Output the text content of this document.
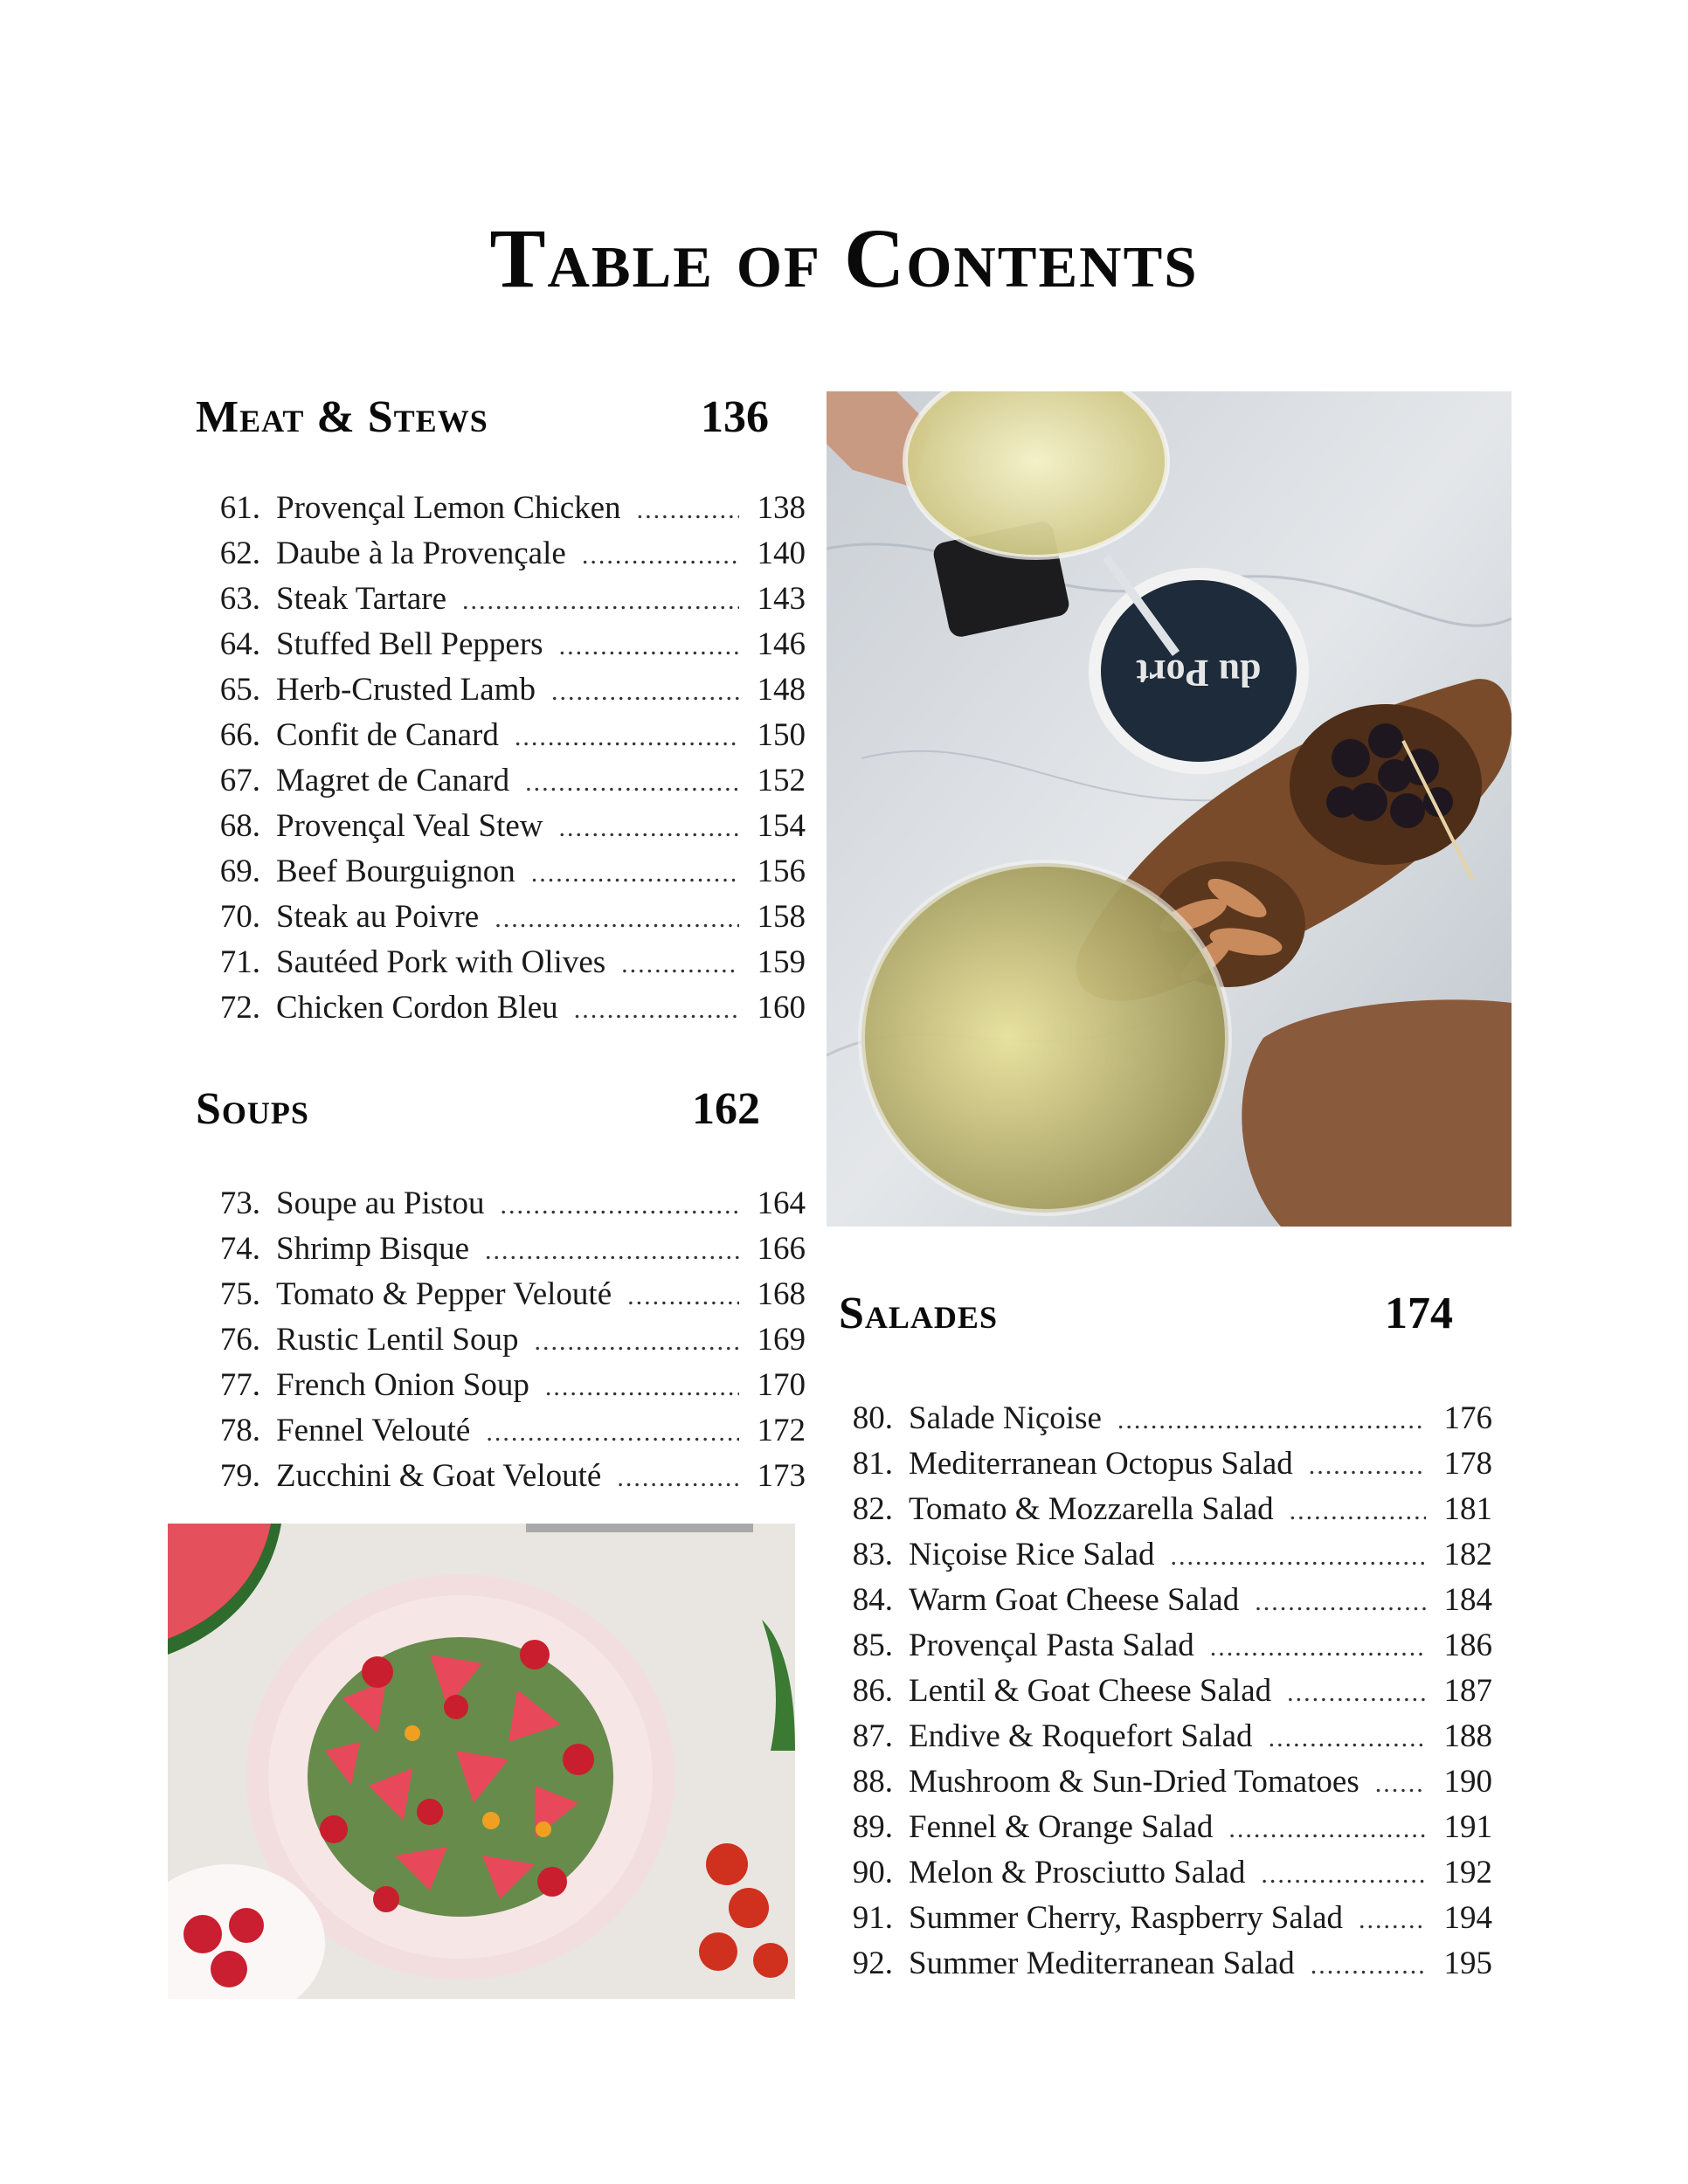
Table of Contents
Meat & Stews	136
61. Provençal Lemon Chicken .....	138
62. Daube à la Provençale .....	140
63. Steak Tartare .....	143
64. Stuffed Bell Peppers .....	146
65. Herb-Crusted Lamb .....	148
66. Confit de Canard .....	150
67. Magret de Canard .....	152
68. Provençal Veal Stew .....	154
69. Beef Bourguignon .....	156
70. Steak au Poivre .....	158
71. Sautéed Pork with Olives .....	159
72. Chicken Cordon Bleu .....	160
Soups	162
73. Soupe au Pistou .....	164
74. Shrimp Bisque .....	166
75. Tomato & Pepper Velouté .....	168
76. Rustic Lentil Soup .....	169
77. French Onion Soup .....	170
78. Fennel Velouté .....	172
79. Zucchini & Goat Velouté .....	173
Salades	174
80. Salade Niçoise .....	176
81. Mediterranean Octopus Salad .....	178
82. Tomato & Mozzarella Salad .....	181
83. Niçoise Rice Salad .....	182
84. Warm Goat Cheese Salad .....	184
85. Provençal Pasta Salad .....	186
86. Lentil & Goat Cheese Salad .....	187
87. Endive & Roquefort Salad .....	188
88. Mushroom & Sun-Dried Tomatoes .....	190
89. Fennel & Orange Salad .....	191
90. Melon & Prosciutto Salad .....	192
91. Summer Cherry, Raspberry Salad .....	194
92. Summer Mediterranean Salad .....	195
du Port
